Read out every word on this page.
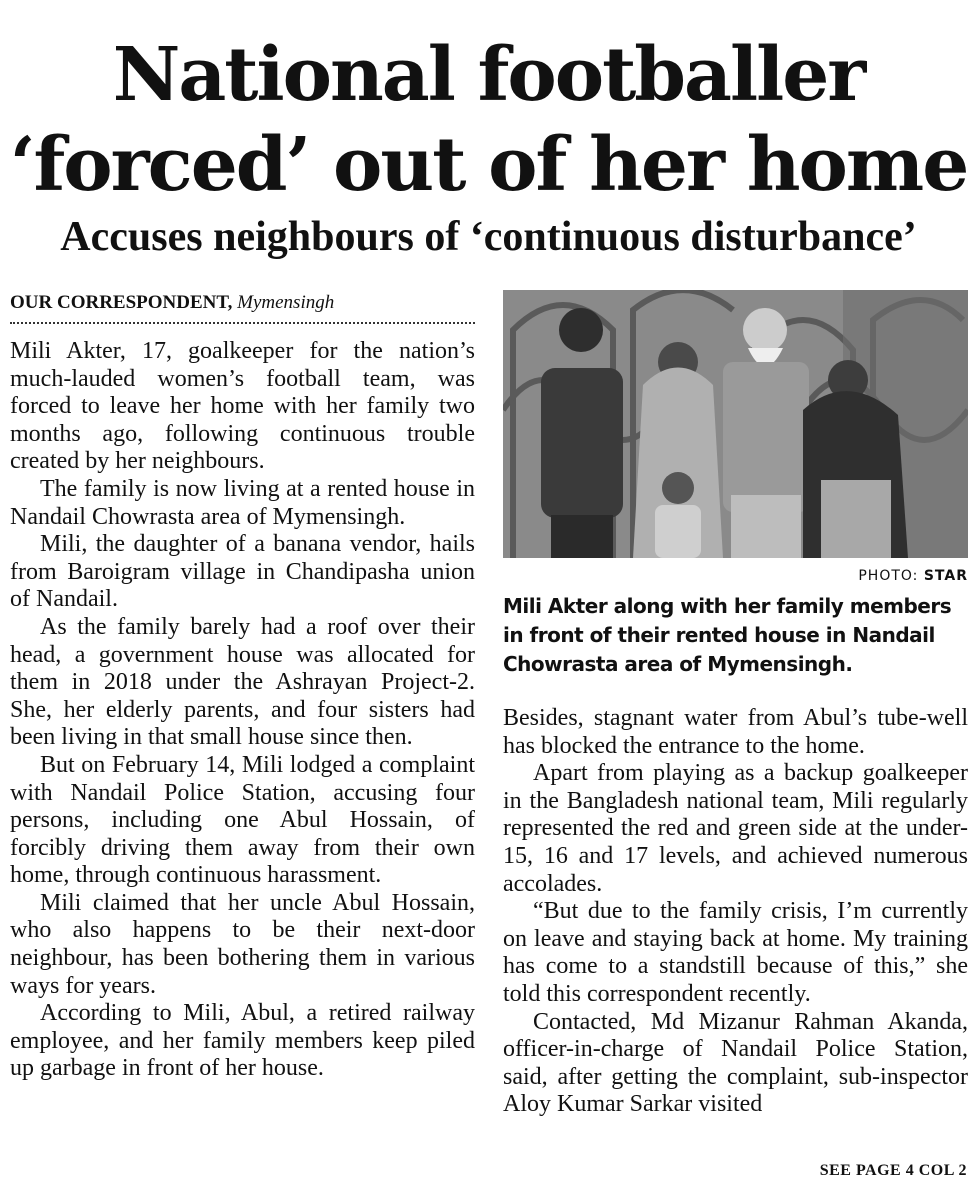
National footballer
‘forced’ out of her home
Accuses neighbours of ‘continuous disturbance’
OUR CORRESPONDENT, Mymensingh

Mili Akter, 17, goalkeeper for the nation’s much-lauded women’s football team, was forced to leave her home with her family two months ago, following continuous trouble created by her neighbours.

The family is now living at a rented house in Nandail Chowrasta area of Mymensingh.

Mili, the daughter of a banana vendor, hails from Baroigram village in Chandipasha union of Nandail.

As the family barely had a roof over their head, a government house was allocated for them in 2018 under the Ashrayan Project-2. She, her elderly parents, and four sisters had been living in that small house since then.

But on February 14, Mili lodged a complaint with Nandail Police Station, accusing four persons, including one Abul Hossain, of forcibly driving them away from their own home, through continuous harassment.

Mili claimed that her uncle Abul Hossain, who also happens to be their next-door neighbour, has been bothering them in various ways for years.

According to Mili, Abul, a retired railway employee, and her family members keep piled up garbage in front of her house.

PHOTO: STAR
Mili Akter along with her family members in front of their rented house in Nandail Chowrasta area of Mymensingh.

Besides, stagnant water from Abul’s tube-well has blocked the entrance to the home.

Apart from playing as a backup goalkeeper in the Bangladesh national team, Mili regularly represented the red and green side at the under-15, 16 and 17 levels, and achieved numerous accolades.

“But due to the family crisis, I’m currently on leave and staying back at home. My training has come to a standstill because of this,” she told this correspondent recently.

Contacted, Md Mizanur Rahman Akanda, officer-in-charge of Nandail Police Station, said, after getting the complaint, sub-inspector Aloy Kumar Sarkar visited

SEE PAGE 4 COL 2
